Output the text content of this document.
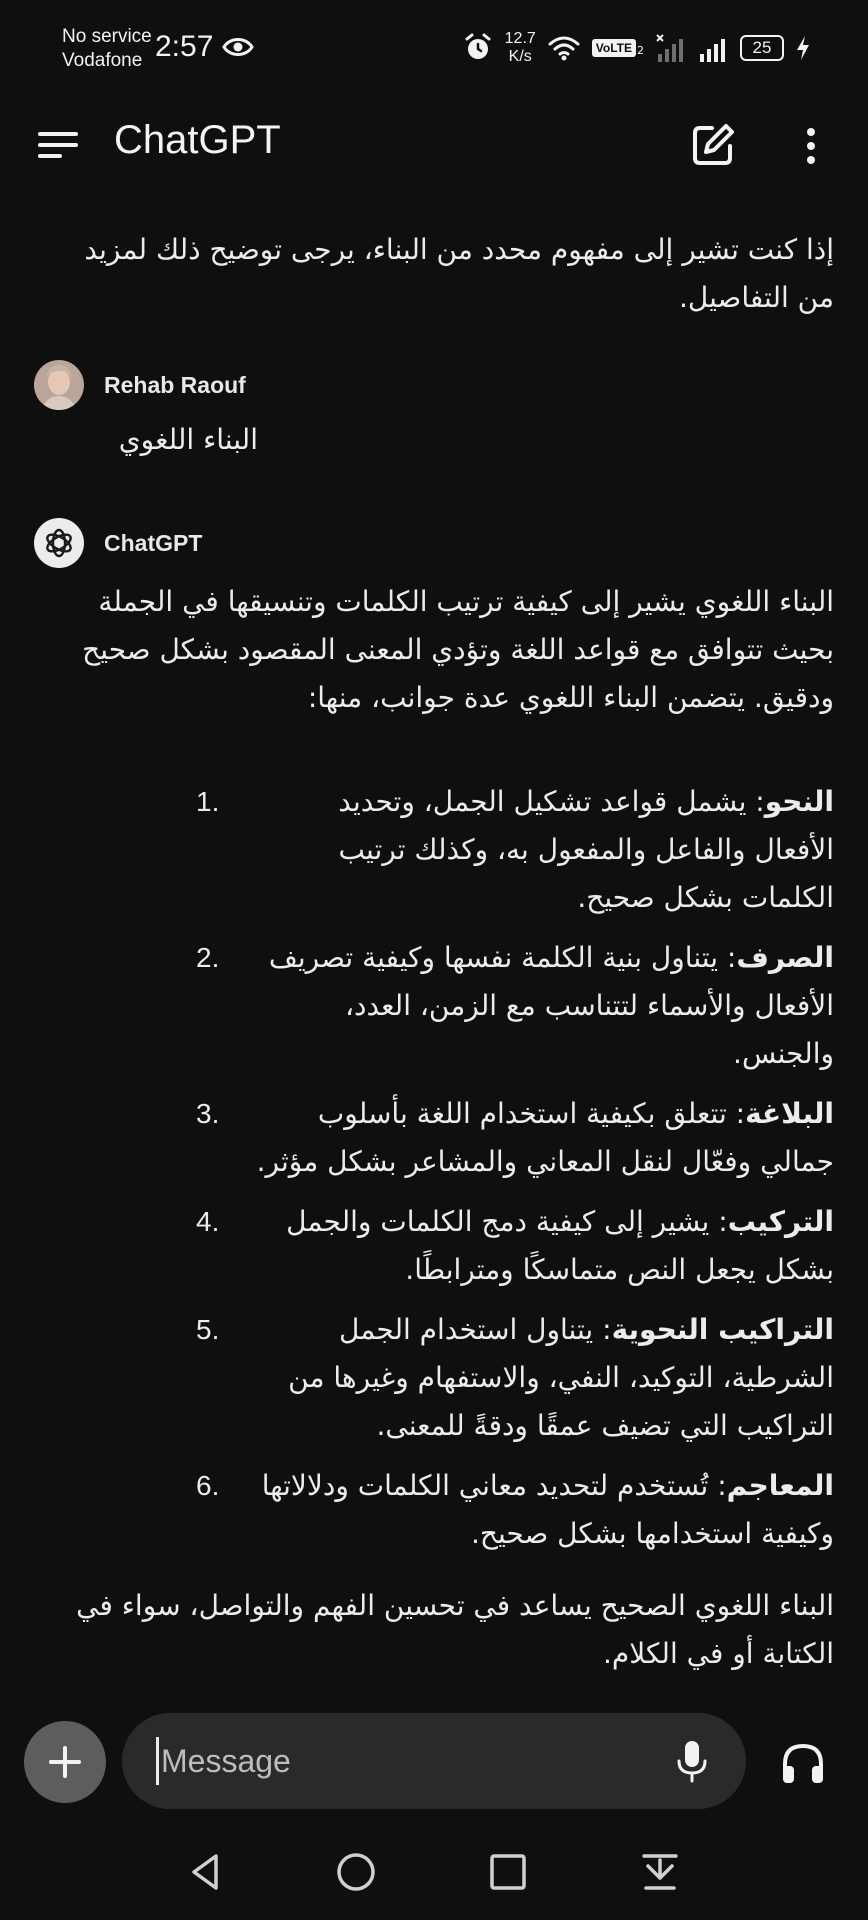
No service
Vodafone 2:57	12.7
K/s	VoLTE 2	25
ChatGPT
إذا كنت تشير إلى مفهوم محدد من البناء، يرجى توضيح ذلك لمزيد من التفاصيل.
Rehab Raouf
البناء اللغوي
ChatGPT
البناء اللغوي يشير إلى كيفية ترتيب الكلمات وتنسيقها في الجملة بحيث تتوافق مع قواعد اللغة وتؤدي المعنى المقصود بشكل صحيح ودقيق. يتضمن البناء اللغوي عدة جوانب، منها:
1.	النحو: يشمل قواعد تشكيل الجمل، وتحديد الأفعال والفاعل والمفعول به، وكذلك ترتيب الكلمات بشكل صحيح.
2.	الصرف: يتناول بنية الكلمة نفسها وكيفية تصريف الأفعال والأسماء لتتناسب مع الزمن، العدد، والجنس.
3.	البلاغة: تتعلق بكيفية استخدام اللغة بأسلوب جمالي وفعّال لنقل المعاني والمشاعر بشكل مؤثر.
4.	التركيب: يشير إلى كيفية دمج الكلمات والجمل بشكل يجعل النص متماسكًا ومترابطًا.
5.	التراكيب النحوية: يتناول استخدام الجمل الشرطية، التوكيد، النفي، والاستفهام وغيرها من التراكيب التي تضيف عمقًا ودقةً للمعنى.
6.	المعاجم: تُستخدم لتحديد معاني الكلمات ودلالاتها وكيفية استخدامها بشكل صحيح.
البناء اللغوي الصحيح يساعد في تحسين الفهم والتواصل، سواء في الكتابة أو في الكلام.
Message
